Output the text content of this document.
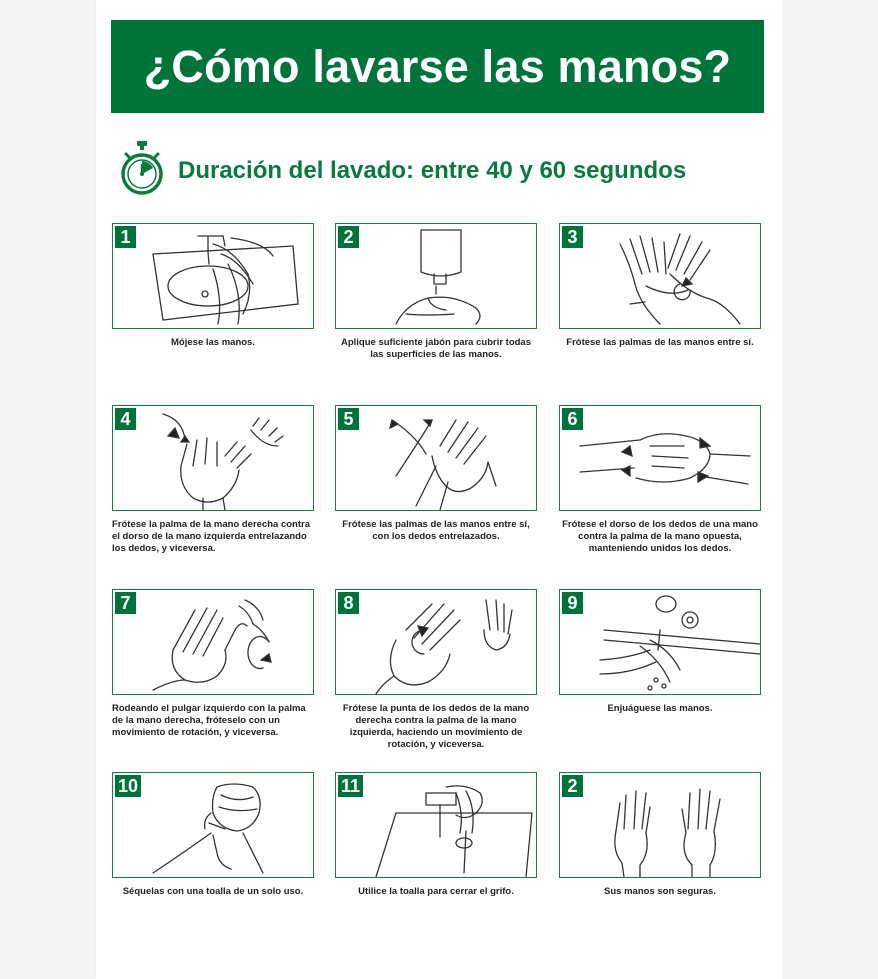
¿Cómo lavarse las manos?
Duración del lavado: entre 40 y 60 segundos
1
Mójese las manos.
2
Aplique suficiente jabón para cubrir todas las superficies de las manos.
3
Frótese las palmas de las manos entre sí.
4
Frótese la palma de la mano derecha contra el dorso de la mano izquierda entrelazando los dedos, y viceversa.
5
Frótese las palmas de las manos entre sí, con los dedos entrelazados.
6
Frótese el dorso de los dedos de una mano contra la palma de la mano opuesta, manteniendo unidos los dedos.
7
Rodeando el pulgar izquierdo con la palma de la mano derecha, fróteselo con un movimiento de rotación, y viceversa.
8
Frótese la punta de los dedos de la mano derecha contra la palma de la mano izquierda, haciendo un movimiento de rotación, y viceversa.
9
Enjuáguese las manos.
10
Séquelas con una toalla de un solo uso.
11
Utilice la toalla para cerrar el grifo.
2
Sus manos son seguras.
